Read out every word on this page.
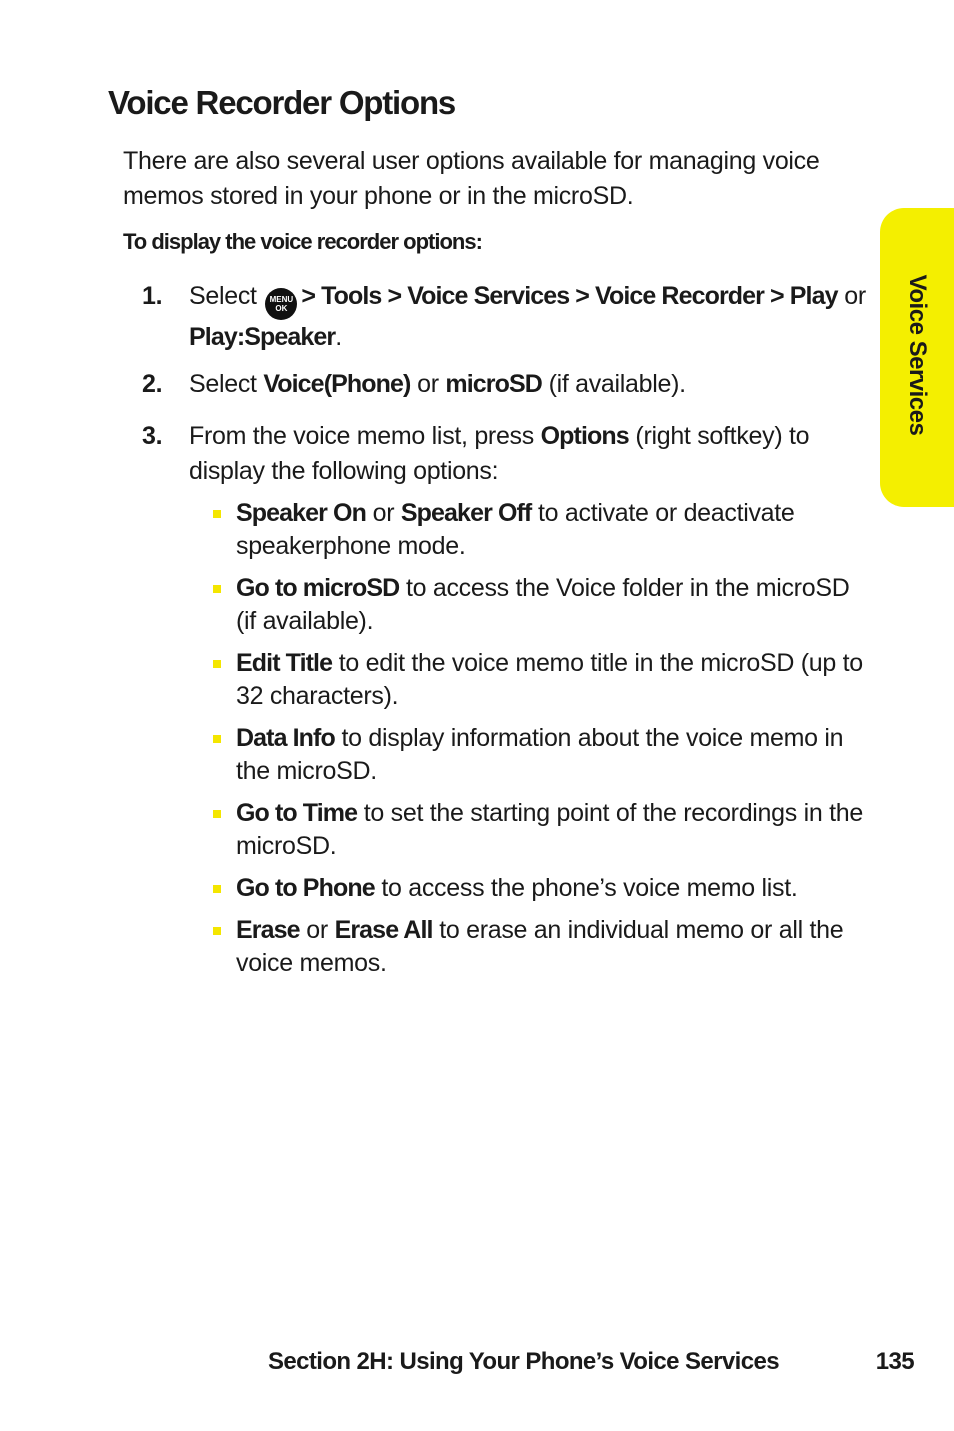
Voice Recorder Options

There are also several user options available for managing voice memos stored in your phone or in the microSD.

To display the voice recorder options:

1. Select MENU
OK > Tools > Voice Services > Voice Recorder > Play or Play:Speaker.
2. Select Voice(Phone) or microSD (if available).
3. From the voice memo list, press Options (right softkey) to display the following options:
Speaker On or Speaker Off to activate or deactivate speakerphone mode.
Go to microSD to access the Voice folder in the microSD (if available).
Edit Title to edit the voice memo title in the microSD (up to 32 characters).
Data Info to display information about the voice memo in the microSD.
Go to Time to set the starting point of the recordings in the microSD.
Go to Phone to access the phone’s voice memo list.
Erase or Erase All to erase an individual memo or all the voice memos.
Voice Services
Section 2H: Using Your Phone’s Voice Services	135
